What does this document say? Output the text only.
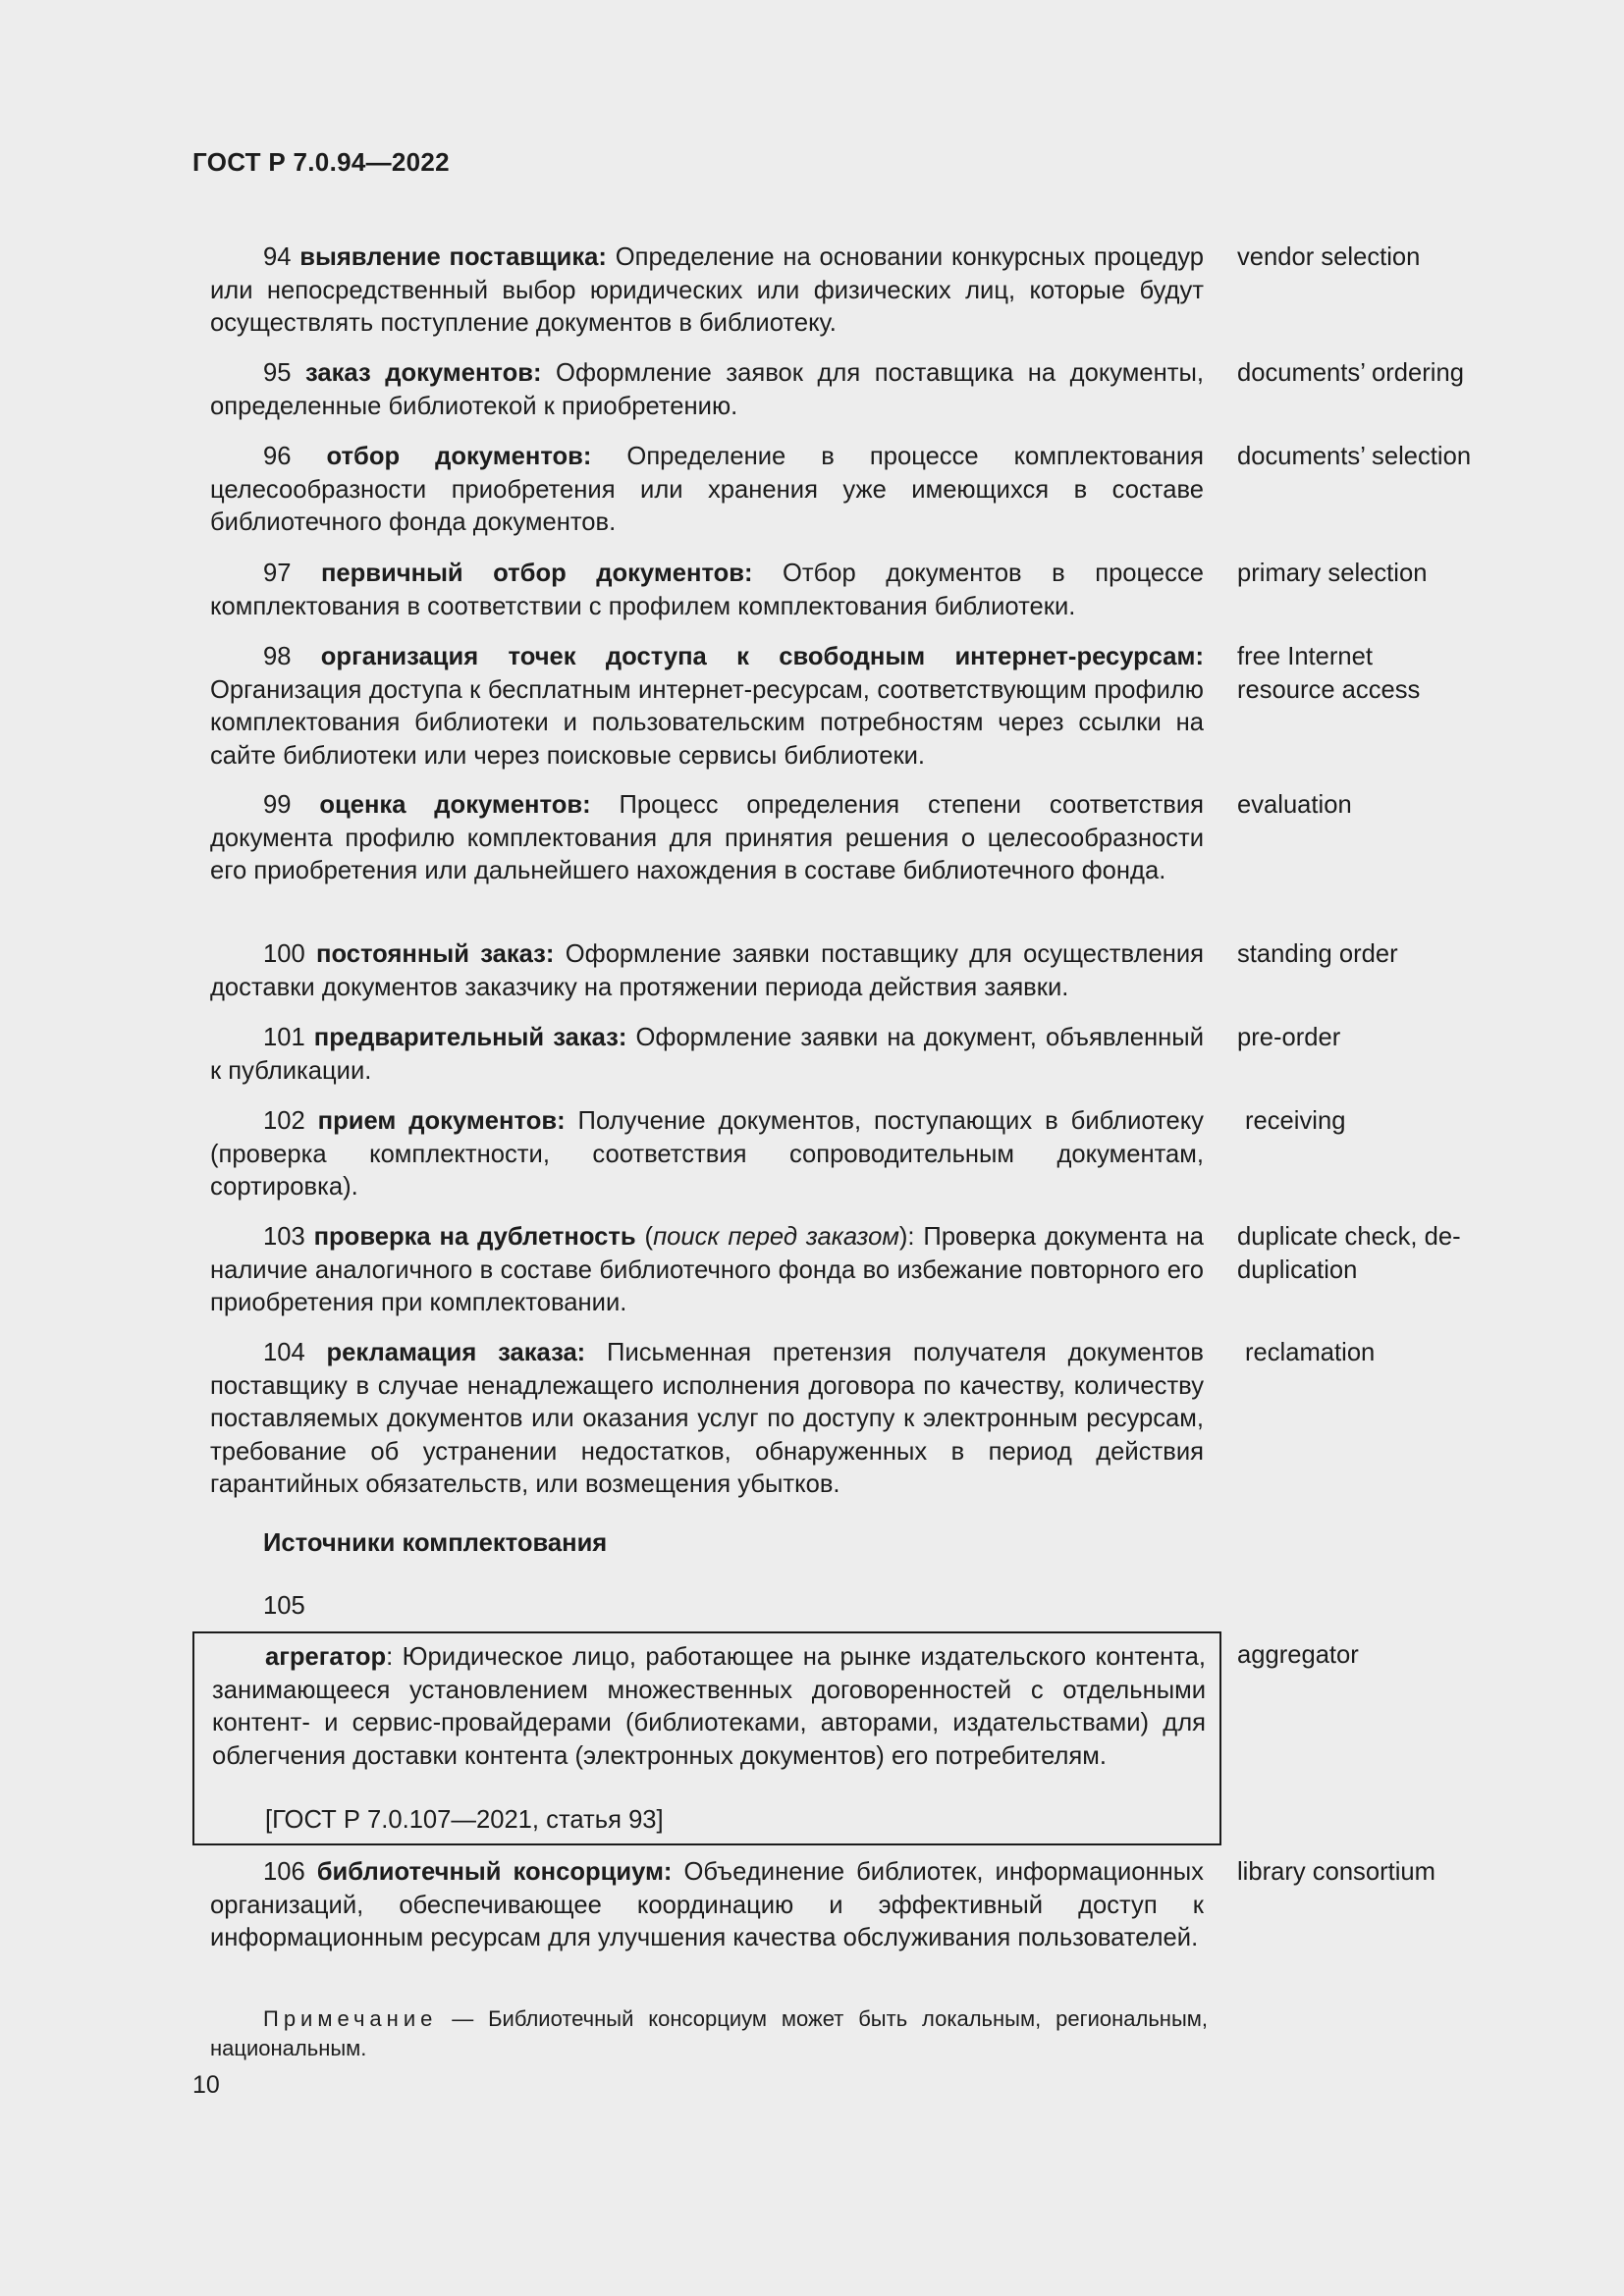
ГОСТ Р 7.0.94—2022
94 выявление поставщика: Определение на основании конкурсных процедур или непосредственный выбор юридических или физических лиц, которые будут осуществлять поступление документов в библиотеку.
vendor selection
95 заказ документов: Оформление заявок для поставщика на документы, определенные библиотекой к приобретению.
documents’ ordering
96 отбор документов: Определение в процессе комплектования целесообразности приобретения или хранения уже имеющихся в составе библиотечного фонда документов.
documents’ selection
97 первичный отбор документов: Отбор документов в процессе комплектования в соответствии с профилем комплектования библиотеки.
primary selection
98 организация точек доступа к свободным интернет-ресурсам: Организация доступа к бесплатным интернет-ресурсам, соответствующим профилю комплектования библиотеки и пользовательским потребностям через ссылки на сайте библиотеки или через поисковые сервисы библиотеки.
free Internet resource access
99 оценка документов: Процесс определения степени соответствия документа профилю комплектования для принятия решения о целесообразности его приобретения или дальнейшего нахождения в составе библиотечного фонда.
evaluation
100 постоянный заказ: Оформление заявки поставщику для осуществления доставки документов заказчику на протяжении периода действия заявки.
standing order
101 предварительный заказ: Оформление заявки на документ, объявленный к публикации.
pre-order
102 прием документов: Получение документов, поступающих в библиотеку (проверка комплектности, соответствия сопроводительным документам, сортировка).
receiving
103 проверка на дублетность (поиск перед заказом): Проверка документа на наличие аналогичного в составе библиотечного фонда во избежание повторного его приобретения при комплектовании.
duplicate check, de-duplication
104 рекламация заказа: Письменная претензия получателя документов поставщику в случае ненадлежащего исполнения договора по качеству, количеству поставляемых документов или оказания услуг по доступу к электронным ресурсам, требование об устранении недостатков, обнаруженных в период действия гарантийных обязательств, или возмещения убытков.
reclamation
Источники комплектования
105
агрегатор: Юридическое лицо, работающее на рынке издательского контента, занимающееся установлением множественных договоренностей с отдельными контент- и сервис-провайдерами (библиотеками, авторами, издательствами) для облегчения доставки контента (электронных документов) его потребителям.
[ГОСТ Р 7.0.107—2021, статья 93]
aggregator
106 библиотечный консорциум: Объединение библиотек, информационных организаций, обеспечивающее координацию и эффективный доступ к информационным ресурсам для улучшения качества обслуживания пользователей.
library consortium
Примечание — Библиотечный консорциум может быть локальным, региональным, национальным.
10
